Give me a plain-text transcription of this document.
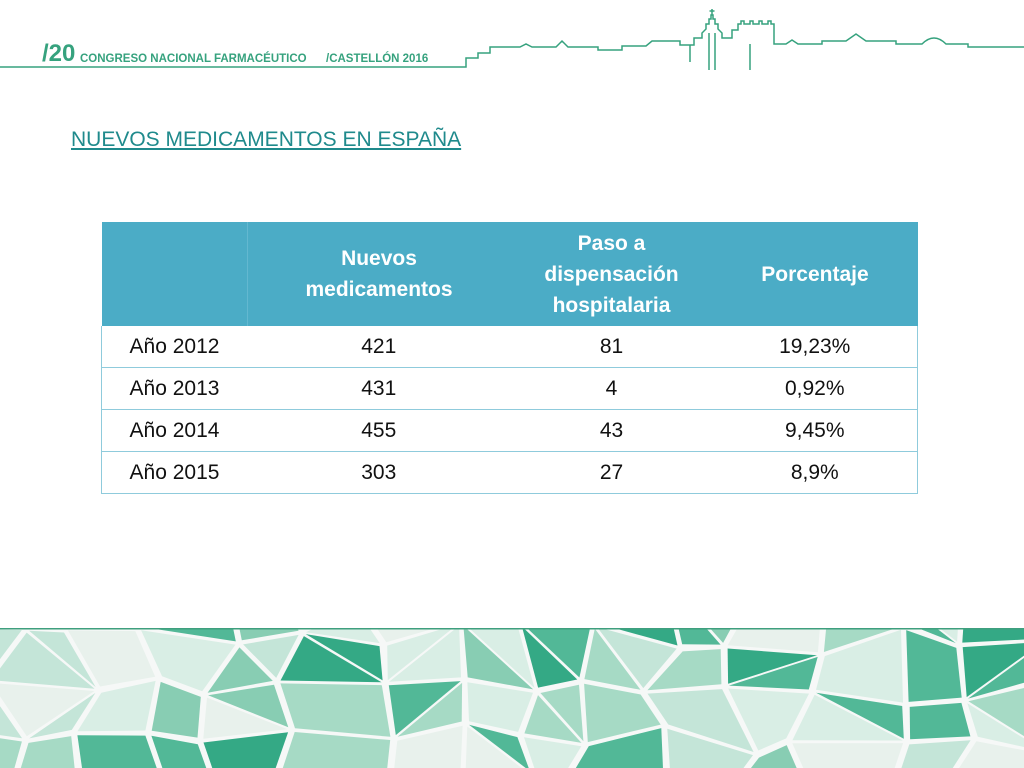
/20 CONGRESO NACIONAL FARMACÉUTICO /CASTELLÓN 2016
NUEVOS MEDICAMENTOS EN ESPAÑA
	Nuevos medicamentos	Paso a dispensación hospitalaria	Porcentaje
Año 2012	421	81	19,23%
Año 2013	431	4	0,92%
Año 2014	455	43	9,45%
Año 2015	303	27	8,9%
